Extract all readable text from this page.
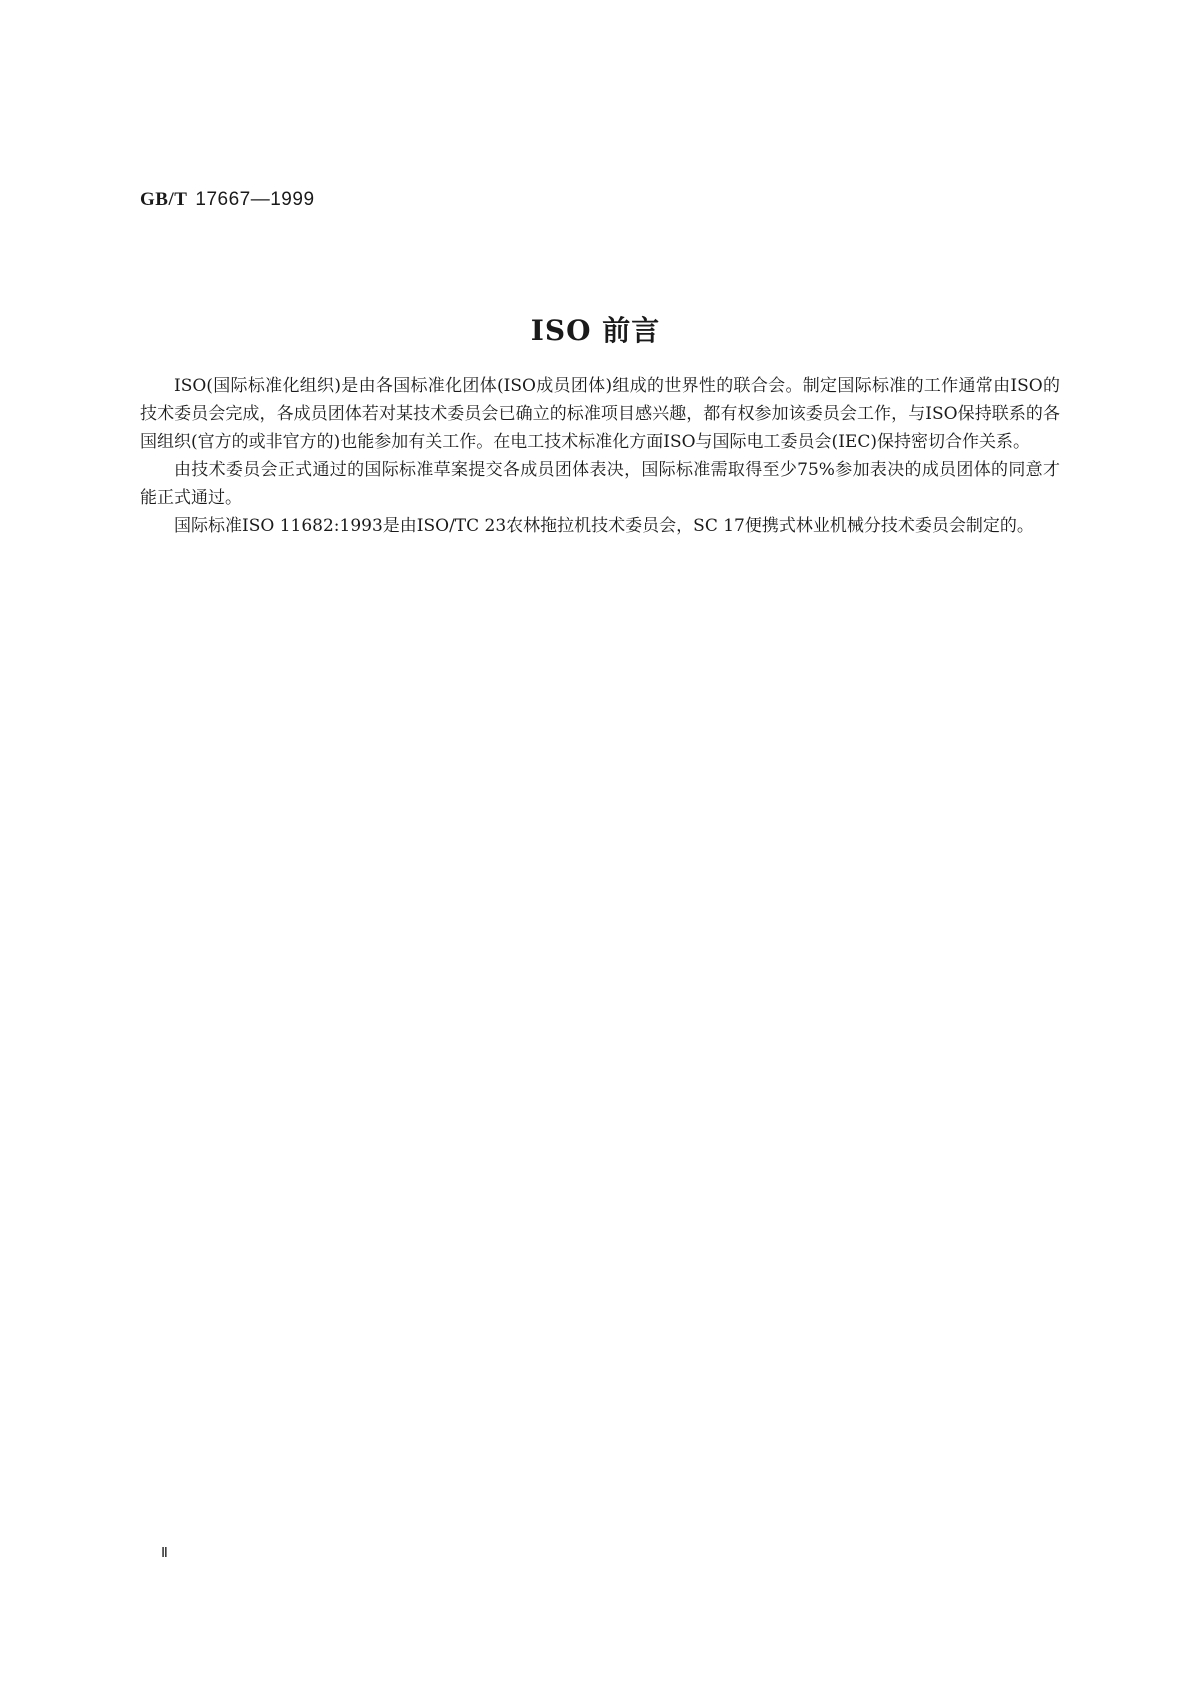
GB/T 17667—1999
ISO 前言

ISO(国际标准化组织)是由各国标准化团体(ISO成员团体)组成的世界性的联合会。制定国际标准的工作通常由ISO的技术委员会完成，各成员团体若对某技术委员会已确立的标准项目感兴趣，都有权参加该委员会工作，与ISO保持联系的各国组织(官方的或非官方的)也能参加有关工作。在电工技术标准化方面ISO与国际电工委员会(IEC)保持密切合作关系。

由技术委员会正式通过的国际标准草案提交各成员团体表决，国际标准需取得至少75%参加表决的成员团体的同意才能正式通过。

国际标准ISO 11682:1993是由ISO/TC 23农林拖拉机技术委员会，SC 17便携式林业机械分技术委员会制定的。

Ⅱ
